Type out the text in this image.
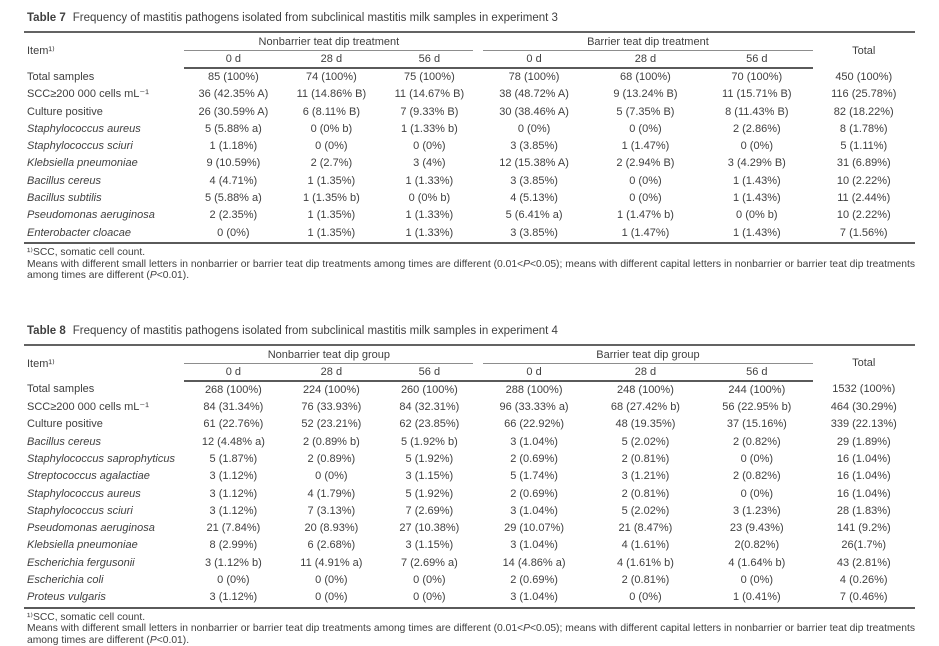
Table 7 Frequency of mastitis pathogens isolated from subclinical mastitis milk samples in experiment 3

Item¹⁾	Nonbarrier teat dip treatment			Barrier teat dip treatment			Total
	0 d	28 d	56 d	0 d	28 d	56 d	
Total samples	85 (100%)	74 (100%)	75 (100%)	78 (100%)	68 (100%)	70 (100%)	450 (100%)
SCC≥200 000 cells mL⁻¹	36 (42.35% A)	11 (14.86% B)	11 (14.67% B)	38 (48.72% A)	9 (13.24% B)	11 (15.71% B)	116 (25.78%)
Culture positive	26 (30.59% A)	6 (8.11% B)	7 (9.33% B)	30 (38.46% A)	5 (7.35% B)	8 (11.43% B)	82 (18.22%)
Staphylococcus aureus	5 (5.88% a)	0 (0% b)	1 (1.33% b)	0 (0%)	0 (0%)	2 (2.86%)	8 (1.78%)
Staphylococcus sciuri	1 (1.18%)	0 (0%)	0 (0%)	3 (3.85%)	1 (1.47%)	0 (0%)	5 (1.11%)
Klebsiella pneumoniae	9 (10.59%)	2 (2.7%)	3 (4%)	12 (15.38% A)	2 (2.94% B)	3 (4.29% B)	31 (6.89%)
Bacillus cereus	4 (4.71%)	1 (1.35%)	1 (1.33%)	3 (3.85%)	0 (0%)	1 (1.43%)	10 (2.22%)
Bacillus subtilis	5 (5.88% a)	1 (1.35% b)	0 (0% b)	4 (5.13%)	0 (0%)	1 (1.43%)	11 (2.44%)
Pseudomonas aeruginosa	2 (2.35%)	1 (1.35%)	1 (1.33%)	5 (6.41% a)	1 (1.47% b)	0 (0% b)	10 (2.22%)
Enterobacter cloacae	0 (0%)	1 (1.35%)	1 (1.33%)	3 (3.85%)	1 (1.47%)	1 (1.43%)	7 (1.56%)

¹⁾SCC, somatic cell count.

Means with different small letters in nonbarrier or barrier teat dip treatments among times are different (0.01<P<0.05); means with different capital letters in nonbarrier or barrier teat dip treatments among times are different (P<0.01).

Table 8 Frequency of mastitis pathogens isolated from subclinical mastitis milk samples in experiment 4

Item¹⁾	Nonbarrier teat dip group			Barrier teat dip group			Total
	0 d	28 d	56 d	0 d	28 d	56 d	
Total samples	268 (100%)	224 (100%)	260 (100%)	288 (100%)	248 (100%)	244 (100%)	1532 (100%)
SCC≥200 000 cells mL⁻¹	84 (31.34%)	76 (33.93%)	84 (32.31%)	96 (33.33% a)	68 (27.42% b)	56 (22.95% b)	464 (30.29%)
Culture positive	61 (22.76%)	52 (23.21%)	62 (23.85%)	66 (22.92%)	48 (19.35%)	37 (15.16%)	339 (22.13%)
Bacillus cereus	12 (4.48% a)	2 (0.89% b)	5 (1.92% b)	3 (1.04%)	5 (2.02%)	2 (0.82%)	29 (1.89%)
Staphylococcus saprophyticus	5 (1.87%)	2 (0.89%)	5 (1.92%)	2 (0.69%)	2 (0.81%)	0 (0%)	16 (1.04%)
Streptococcus agalactiae	3 (1.12%)	0 (0%)	3 (1.15%)	5 (1.74%)	3 (1.21%)	2 (0.82%)	16 (1.04%)
Staphylococcus aureus	3 (1.12%)	4 (1.79%)	5 (1.92%)	2 (0.69%)	2 (0.81%)	0 (0%)	16 (1.04%)
Staphylococcus sciuri	3 (1.12%)	7 (3.13%)	7 (2.69%)	3 (1.04%)	5 (2.02%)	3 (1.23%)	28 (1.83%)
Pseudomonas aeruginosa	21 (7.84%)	20 (8.93%)	27 (10.38%)	29 (10.07%)	21 (8.47%)	23 (9.43%)	141 (9.2%)
Klebsiella pneumoniae	8 (2.99%)	6 (2.68%)	3 (1.15%)	3 (1.04%)	4 (1.61%)	2(0.82%)	26(1.7%)
Escherichia fergusonii	3 (1.12% b)	11 (4.91% a)	7 (2.69% a)	14 (4.86% a)	4 (1.61% b)	4 (1.64% b)	43 (2.81%)
Escherichia coli	0 (0%)	0 (0%)	0 (0%)	2 (0.69%)	2 (0.81%)	0 (0%)	4 (0.26%)
Proteus vulgaris	3 (1.12%)	0 (0%)	0 (0%)	3 (1.04%)	0 (0%)	1 (0.41%)	7 (0.46%)

¹⁾SCC, somatic cell count.

Means with different small letters in nonbarrier or barrier teat dip treatments among times are different (0.01<P<0.05); means with different capital letters in nonbarrier or barrier teat dip treatments among times are different (P<0.01).
